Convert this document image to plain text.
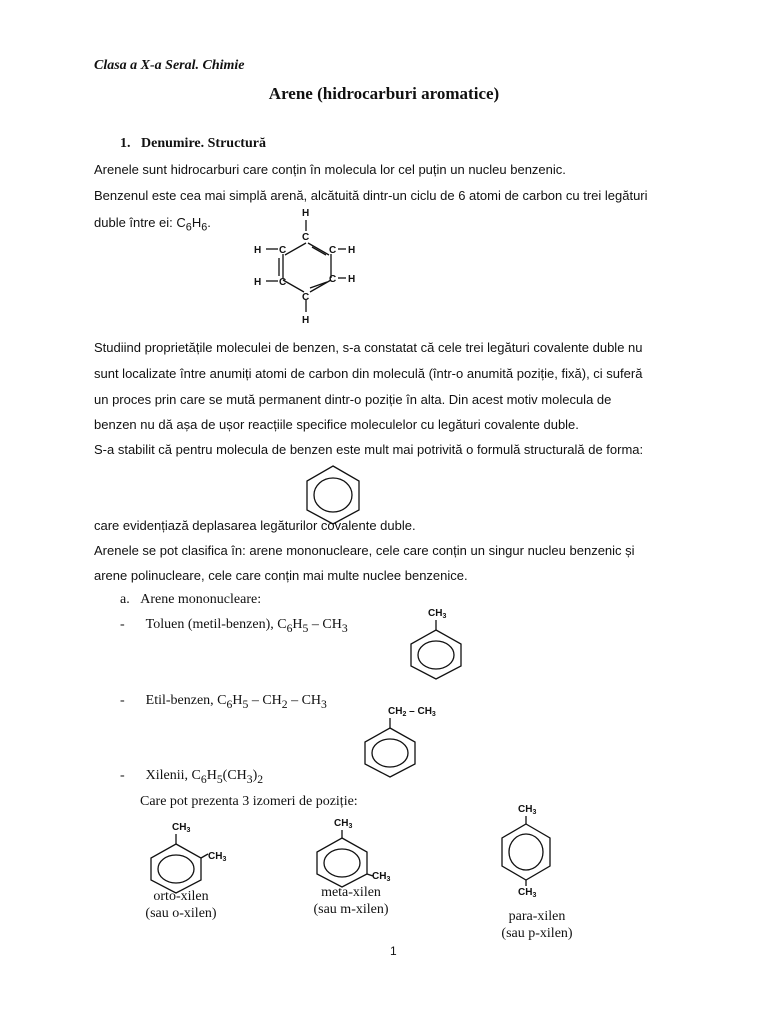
Clasa a X-a Seral. Chimie
Arene (hidrocarburi aromatice)
1.   Denumire. Structură
Arenele sunt hidrocarburi care conțin în molecula lor cel puțin un nucleu benzenic.
Benzenul este cea mai simplă arenă, alcătuită dintr-un ciclu de 6 atomi de carbon cu trei legături
duble între ei: $C_6H_6$.
H
C
H C	C H
H C	C H
C
H
Studiind proprietățile moleculei de benzen, s-a constatat că cele trei legături covalente duble nu
sunt localizate între anumiți atomi de carbon din moleculă (într-o anumită poziție, fixă), ci suferă
un proces prin care se mută permanent dintr-o poziție în alta. Din acest motiv molecula de
benzen nu dă așa de ușor reacțiile specifice moleculelor cu legături covalente duble.
S-a stabilit că pentru molecula de benzen este mult mai potrivită o formulă structurală de forma:
care evidențiază deplasarea legăturilor covalente duble.
Arenele se pot clasifica în: arene mononucleare, cele care conțin un singur nucleu benzenic și
arene polinucleare, cele care conțin mai multe nuclee benzenice.
a.   Arene mononucleare:
-      Toluen (metil-benzen), $C_6H_5 - CH_3$
$CH_3$
-      Etil-benzen, $C_6H_5 - CH_2 - CH_3$
$CH_2 - CH_3$
-      Xilenii, $C_6H_5(CH_3)_2$
Care pot prezenta 3 izomeri de poziție:
$CH_3$
$CH_3$
orto-xilen
(sau o-xilen)
$CH_3$
$CH_3$
meta-xilen
(sau m-xilen)
$CH_3$
$CH_3$
para-xilen
(sau p-xilen)
1
